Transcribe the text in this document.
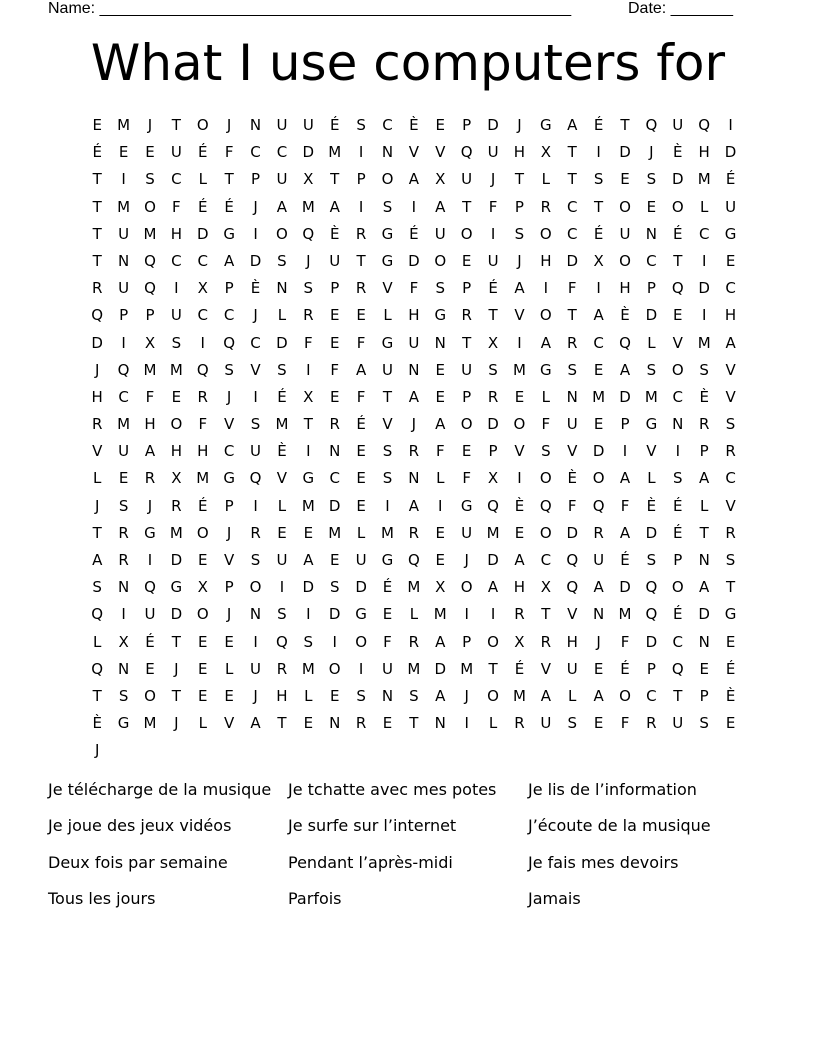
Name: _____________________________________________________	Date: _______
What I use computers for
E	M	J	T	O	J	N	U	U	É	S	C	È	E	P	D	J	G	A	É	T	Q	U Q	I
É	E	E	U	É	F	C	C	D M	I	N	V	V	Q	U	H	X	T	I	D	J	È	H D
T	I	S	C	L	T	P	U	X	T	P	O	A	X	U	J	T	L	T	S	E	S	D M	É
T	M O	F	É	É	J	A M A	I	S	I	A	T	F	P	R	C	T	O	E	O	L	U
T	U M H D G	I	O Q	È	R	G	É	U O	I	S	O	C	É	U	N	É	C	G
T	N Q	C	C	A	D	S	J	U	T	G D O	E	U	J	H D	X	O	C	T	I	E
R	U Q	I	X	P	È	N	S	P	R	V	F	S	P	É	A	I	F	I	H	P	Q D	C
Q	P	P	U	C	C	J	L	R	E	E	L	H G	R	T	V	O	T	A	È	D	E	I	H
D	I	X	S	I	Q	C	D	F	E	F	G	U	N	T	X	I	A	R	C	Q	L	V M A
J	Q M M Q	S	V	S	I	F	A	U	N	E	U	S	M G	S	E	A	S	O	S	V
H	C	F	E	R	J	I	É	X	E	F	T	A	E	P	R	E	L	N M D M C	È	V
R M H O	F	V	S	M	T	R	É	V	J	A	O D O	F	U	E	P	G N	R	S
V	U	A	H	H	C	U	È	I	N	E	S	R	F	E	P	V	S	V	D	I	V	I	P	R
L	E	R	X M G Q	V	G	C	E	S	N	L	F	X	I	O	È	O	A	L	S	A	C
J	S	J	R	É	P	I	L	M D	E	I	A	I	G Q	È	Q	F	Q	F	È	É	L	V
T	R	G M O	J	R	E	E	M	L	M R	E	U M	E	O D	R	A	D	É	T	R
A	R	I	D	E	V	S	U	A	E	U	G Q	E	J	D	A	C	Q	U	É	S	P	N	S
S	N Q G	X	P	O	I	D	S	D	É	M X	O	A	H	X	Q	A	D Q O	A	T
Q	I	U	D O	J	N	S	I	D G	E	L	M	I	I	R	T	V	N M Q	É	D G
L	X	É	T	E	E	I	Q	S	I	O	F	R	A	P	O	X	R	H	J	F	D	C	N	E
Q N	E	J	E	L	U	R M O	I	U M D M	T	É	V	U	E	É	P	Q	E	É
T	S	O	T	E	E	J	H	L	E	S	N	S	A	J	O M A	L	A	O	C	T	P	È
È	G M	J	L	V	A	T	E	N	R	E	T	N	I	L	R	U	S	E	F	R	U	S	E
J
Je télécharge de la musique	Je tchatte avec mes potes	Je lis de l’information
Je joue des jeux vidéos	Je surfe sur l’internet	J’écoute de la musique
Deux fois par semaine	Pendant l’après-midi	Je fais mes devoirs
Tous les jours	Parfois	Jamais
